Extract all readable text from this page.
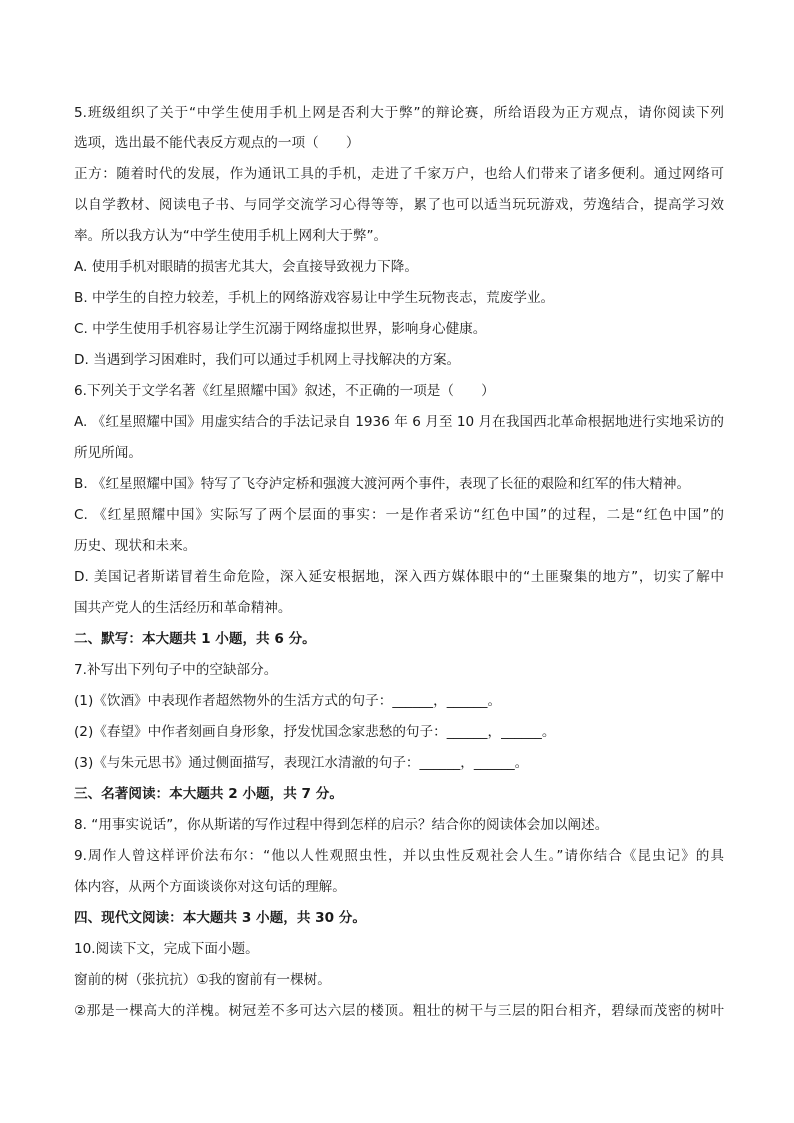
5.班级组织了关于“中学生使用手机上网是否利大于弊”的辩论赛，所给语段为正方观点，请你阅读下列
选项，选出最不能代表反方观点的一项（　　）
正方：随着时代的发展，作为通讯工具的手机，走进了千家万户，也给人们带来了诸多便利。通过网络可
以自学教材、阅读电子书、与同学交流学习心得等等，累了也可以适当玩玩游戏，劳逸结合，提高学习效
率。所以我方认为“中学生使用手机上网利大于弊”。
A. 使用手机对眼睛的损害尤其大，会直接导致视力下降。
B. 中学生的自控力较差，手机上的网络游戏容易让中学生玩物丧志，荒废学业。
C. 中学生使用手机容易让学生沉溺于网络虚拟世界，影响身心健康。
D. 当遇到学习困难时，我们可以通过手机网上寻找解决的方案。
6.下列关于文学名著《红星照耀中国》叙述，不正确的一项是（　　）
A. 《红星照耀中国》用虚实结合的手法记录自 1936 年 6 月至 10 月在我国西北革命根据地进行实地采访的
所见所闻。
B. 《红星照耀中国》特写了飞夺泸定桥和强渡大渡河两个事件，表现了长征的艰险和红军的伟大精神。
C. 《红星照耀中国》实际写了两个层面的事实：一是作者采访“红色中国”的过程，二是“红色中国”的
历史、现状和未来。
D. 美国记者斯诺冒着生命危险，深入延安根据地，深入西方媒体眼中的“土匪聚集的地方”，切实了解中
国共产党人的生活经历和革命精神。
二、默写：本大题共 1 小题，共 6 分。
7.补写出下列句子中的空缺部分。
(1)《饮酒》中表现作者超然物外的生活方式的句子：______，______。
(2)《春望》中作者刻画自身形象，抒发忧国念家悲愁的句子：______，______。
(3)《与朱元思书》通过侧面描写，表现江水清澈的句子：______，______。
三、名著阅读：本大题共 2 小题，共 7 分。
8. “用事实说话”，你从斯诺的写作过程中得到怎样的启示？结合你的阅读体会加以阐述。
9.周作人曾这样评价法布尔：“他以人性观照虫性，并以虫性反观社会人生。”请你结合《昆虫记》的具
体内容，从两个方面谈谈你对这句话的理解。
四、现代文阅读：本大题共 3 小题，共 30 分。
10.阅读下文，完成下面小题。
窗前的树（张抗抗）①我的窗前有一棵树。
②那是一棵高大的洋槐。树冠差不多可达六层的楼顶。粗壮的树干与三层的阳台相齐，碧绿而茂密的树叶
